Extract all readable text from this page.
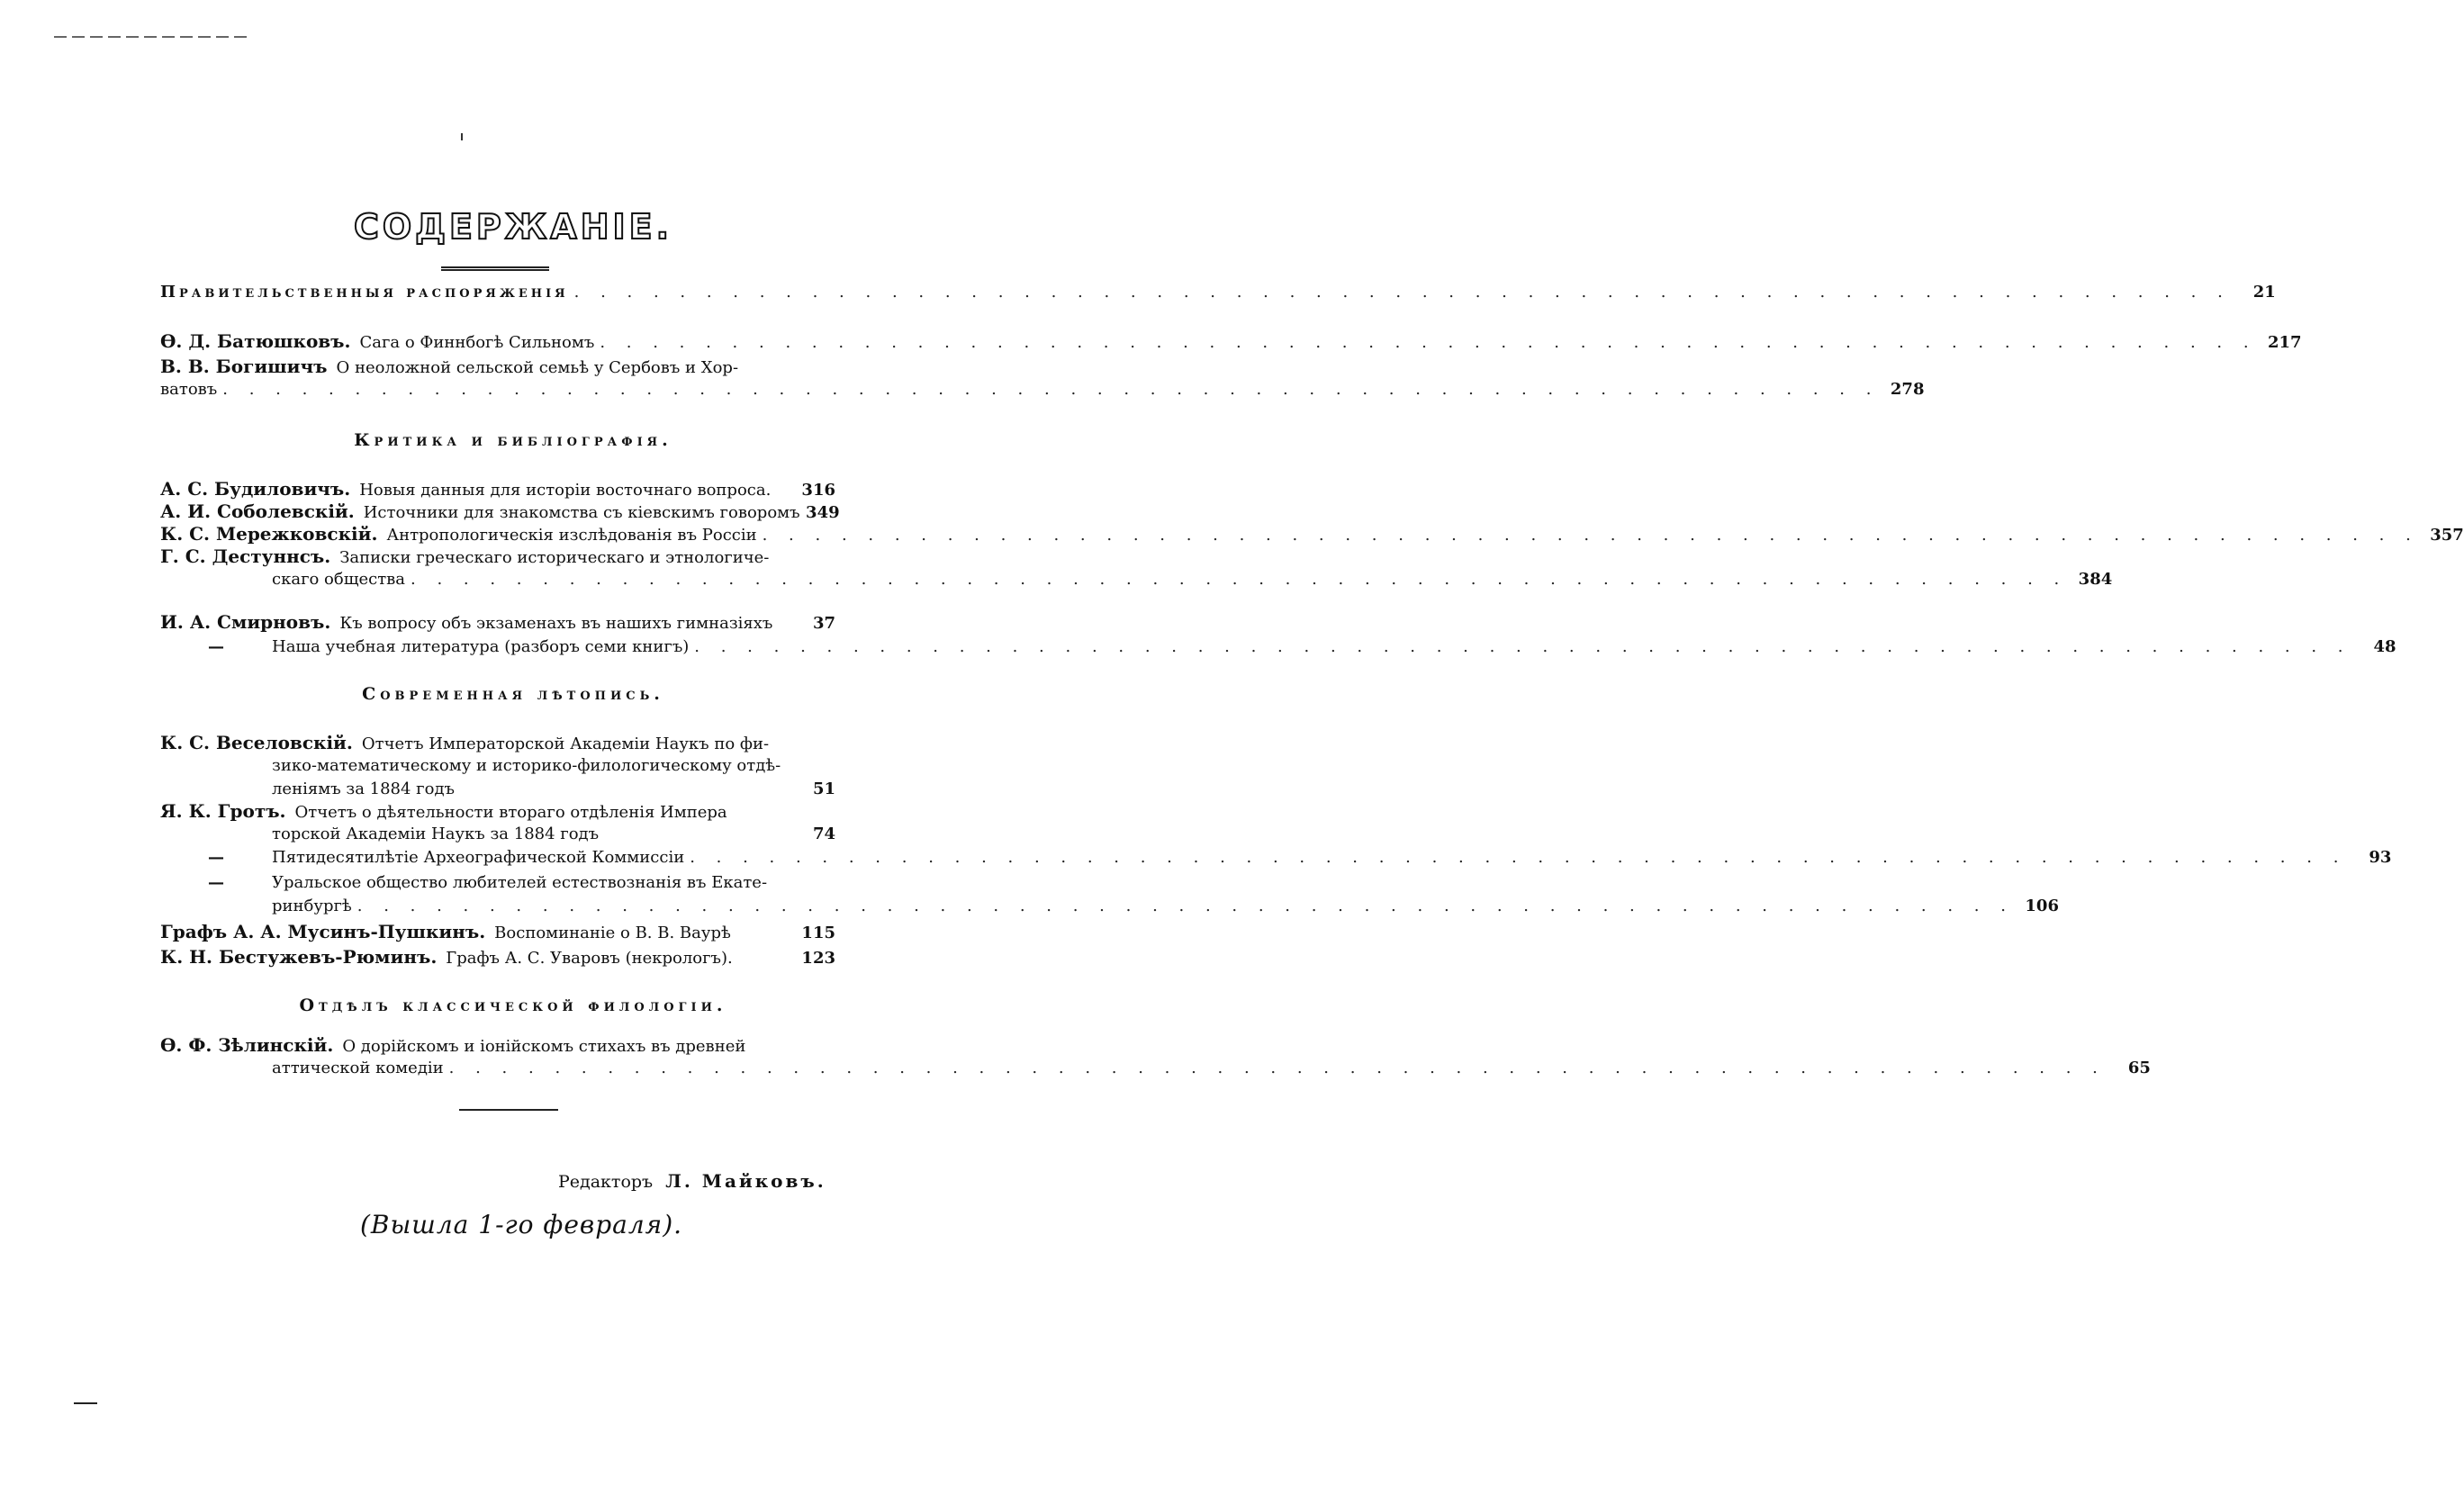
СОДЕРЖАНІЕ.
Правительственныя распоряженія . . .	21
Ѳ. Д. Батюшковъ. Сага о Финнбогѣ Сильномъ . . .	217
В. В. Богишичъ О неоложной сельской семьѣ у Сербовъ и Хор-
ватовъ . . .	278
Критика и библіографія.
А. С. Будиловичъ. Новыя данныя для исторіи восточнаго вопроса.	316
А. И. Соболевскій. Источники для знакомства съ кіевскимъ говоромъ 349
К. С. Мережковскій. Антропологическія изслѣдованія въ Россіи . . .	357
Г. С. Дестуннсъ. Записки греческаго историческаго и этнологиче-
скаго общества . . .	384
И. А. Смирновъ. Къ вопросу объ экзаменахъ въ нашихъ гимназіяхъ	37
—	Наша учебная литература (разборъ семи книгъ) . . .	48
Современная лѣтопись.
К. С. Веселовскій. Отчетъ Императорской Академіи Наукъ по фи-
зико-математическому и историко-филологическому отдѣ-
леніямъ за 1884 годъ	51
Я. К. Гротъ. Отчетъ о дѣятельности втораго отдѣленія Импера
торской Академіи Наукъ за 1884 годъ	74
—	Пятидесятилѣтіе Археографической Коммиссіи . . .	93
—	Уральское общество любителей естествознанія въ Екате-
ринбургѣ . . .	106
Графъ А. А. Мусинъ-Пушкинъ. Воспоминаніе о В. В. Ваурѣ	115
К. Н. Бестужевъ-Рюминъ. Графъ А. С. Уваровъ (некрологъ).	123
Отдѣлъ классической филологіи.
Ѳ. Ф. Зѣлинскій. О дорійскомъ и іонійскомъ стихахъ въ древней
аттической комедіи . . .	65
Редакторъ Л. Майковъ.
(Вышла 1-го февраля).
